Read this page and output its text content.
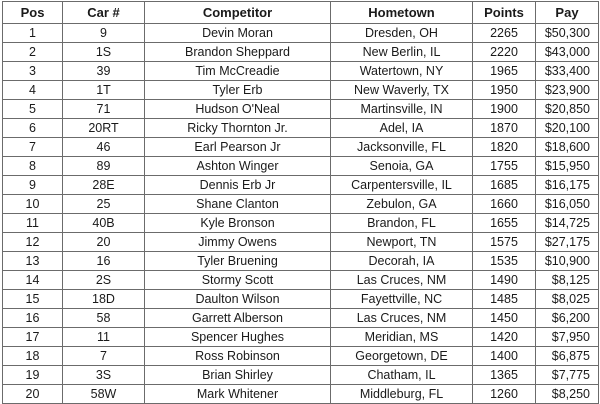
Pos	Car #	Competitor	Hometown	Points	Pay
1	9	Devin Moran	Dresden, OH	2265	$50,300
2	1S	Brandon Sheppard	New Berlin, IL	2220	$43,000
3	39	Tim McCreadie	Watertown, NY	1965	$33,400
4	1T	Tyler Erb	New Waverly, TX	1950	$23,900
5	71	Hudson O'Neal	Martinsville, IN	1900	$20,850
6	20RT	Ricky Thornton Jr.	Adel, IA	1870	$20,100
7	46	Earl Pearson Jr	Jacksonville, FL	1820	$18,600
8	89	Ashton Winger	Senoia, GA	1755	$15,950
9	28E	Dennis Erb Jr	Carpentersville, IL	1685	$16,175
10	25	Shane Clanton	Zebulon, GA	1660	$16,050
11	40B	Kyle Bronson	Brandon, FL	1655	$14,725
12	20	Jimmy Owens	Newport, TN	1575	$27,175
13	16	Tyler Bruening	Decorah, IA	1535	$10,900
14	2S	Stormy Scott	Las Cruces, NM	1490	$8,125
15	18D	Daulton Wilson	Fayettville, NC	1485	$8,025
16	58	Garrett Alberson	Las Cruces, NM	1450	$6,200
17	11	Spencer Hughes	Meridian, MS	1420	$7,950
18	7	Ross Robinson	Georgetown, DE	1400	$6,875
19	3S	Brian Shirley	Chatham, IL	1365	$7,775
20	58W	Mark Whitener	Middleburg, FL	1260	$8,250
